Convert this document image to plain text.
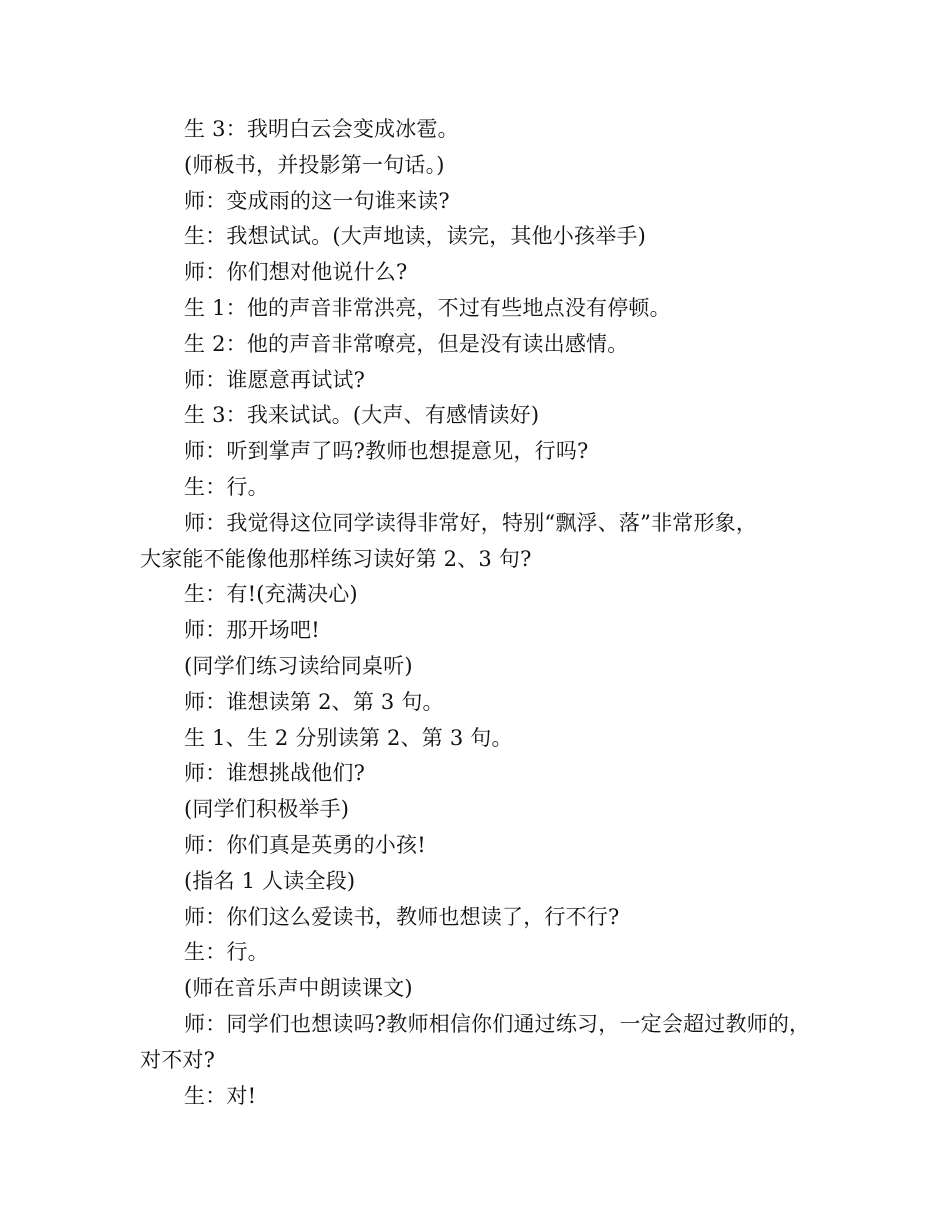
生 3：我明白云会变成冰雹。
(师板书，并投影第一句话。)
师：变成雨的这一句谁来读?
生：我想试试。(大声地读，读完，其他小孩举手)
师：你们想对他说什么?
生 1：他的声音非常洪亮，不过有些地点没有停顿。
生 2：他的声音非常嘹亮，但是没有读出感情。
师：谁愿意再试试?
生 3：我来试试。(大声、有感情读好)
师：听到掌声了吗?教师也想提意见，行吗?
生：行。
师：我觉得这位同学读得非常好，特别“飘浮、落”非常形象，
大家能不能像他那样练习读好第 2、3 句?
生：有!(充满决心)
师：那开场吧!
(同学们练习读给同桌听)
师：谁想读第 2、第 3 句。
生 1、生 2 分别读第 2、第 3 句。
师：谁想挑战他们?
(同学们积极举手)
师：你们真是英勇的小孩!
(指名 1 人读全段)
师：你们这么爱读书，教师也想读了，行不行?
生：行。
(师在音乐声中朗读课文)
师：同学们也想读吗?教师相信你们通过练习，一定会超过教师的，
对不对?
生：对!
